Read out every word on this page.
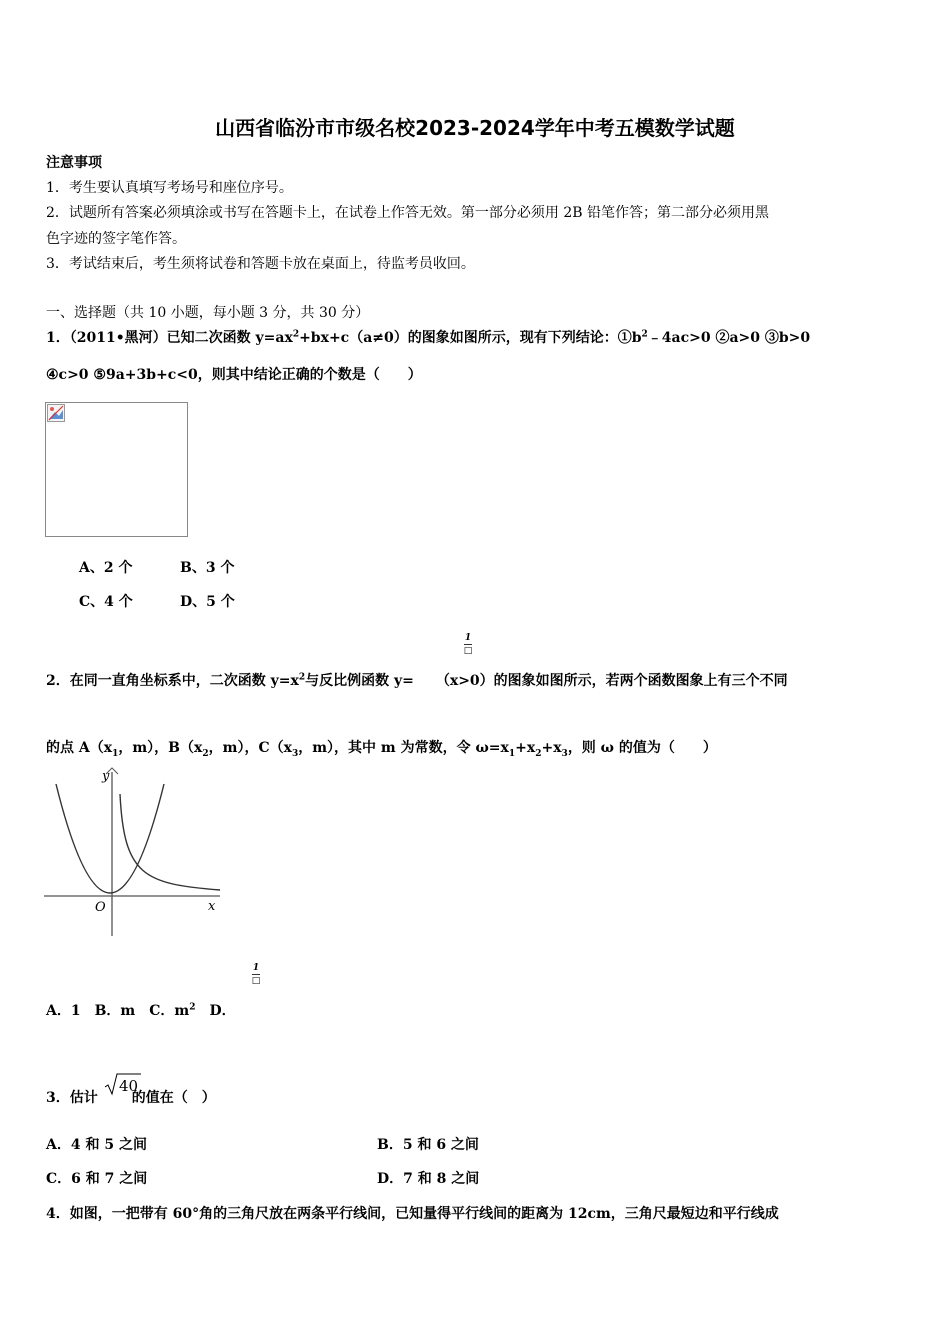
山西省临汾市市级名校2023-2024学年中考五模数学试题
注意事项
1．考生要认真填写考场号和座位序号。
2．试题所有答案必须填涂或书写在答题卡上，在试卷上作答无效。第一部分必须用 2B 铅笔作答；第二部分必须用黑
色字迹的签字笔作答。
3．考试结束后，考生须将试卷和答题卡放在桌面上，待监考员收回。
一、选择题（共 10 小题，每小题 3 分，共 30 分）
1．（2011•黑河）已知二次函数 $y=ax^2+bx+c(a\ne 0)$的图象如图所示，现有下列结论：$①b^2﹣4ac>0$ ②a>0 ③b>0
④c>0 ⑤9a+3b+c<0，则其中结论正确的个数是（　　）
A、2 个	B、3 个
C、4 个	D、5 个
1
□
2．在同一直角坐标系中，二次函数 $y=x^2$与反比例函数 y= （x>0）的图象如图所示，若两个函数图象上有三个不同
的点 $A(x_1$，m），$B(x_2$，m），$C(x_3$，m），其中 m 为常数，令 $\omega=x_1+x_2+x_3$，则 ω 的值为（　　）
y
x
O
1
□
A．1　B．m　C．$m^2$　D．
3．估计 的值在（　）
40
A．4 和 5 之间	B．5 和 6 之间
C．6 和 7 之间	D．7 和 8 之间
4．如图，一把带有 60°角的三角尺放在两条平行线间，已知量得平行线间的距离为 12cm，三角尺最短边和平行线成
